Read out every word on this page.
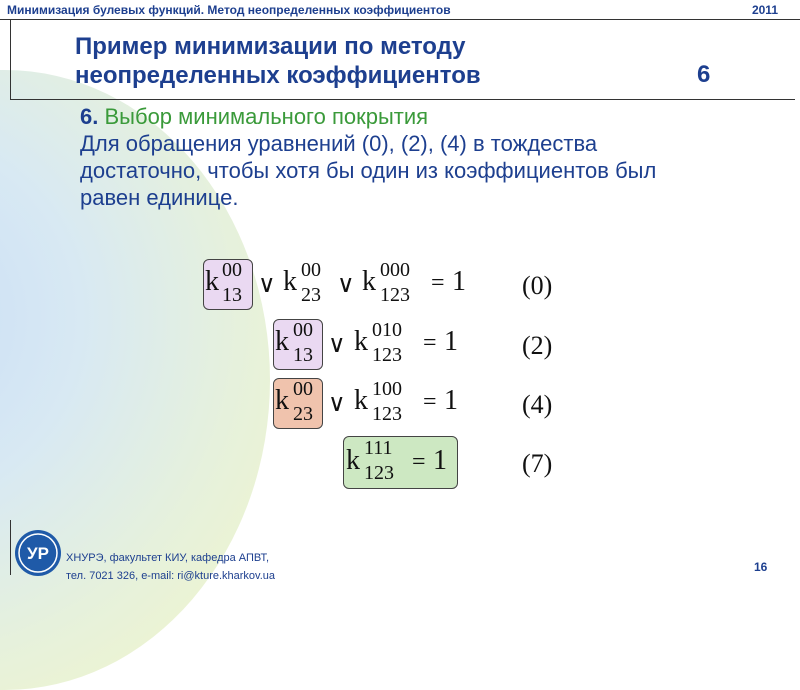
Минимизация булевых функций. Метод неопределенных коэффициентов	2011
Пример минимизации по методу
неопределенных коэффициентов	6
6. Выбор минимального покрытия
Для обращения уравнений (0), (2), (4) в тождества достаточно, чтобы хотя бы один из коэффициентов был равен единице.
k 00
13 ∨ k 00
23 ∨ k 000
123 = 1 (0)
k 00
13 ∨ k 010
123 = 1 (2)
k 00
23 ∨ k 100
123 = 1 (4)
k 111
123 = 1	(7)
УР ХНУРЭ, факультет КИУ, кафедра АПВТ,
тел. 7021 326, e-mail: ri@kture.kharkov.ua
16
